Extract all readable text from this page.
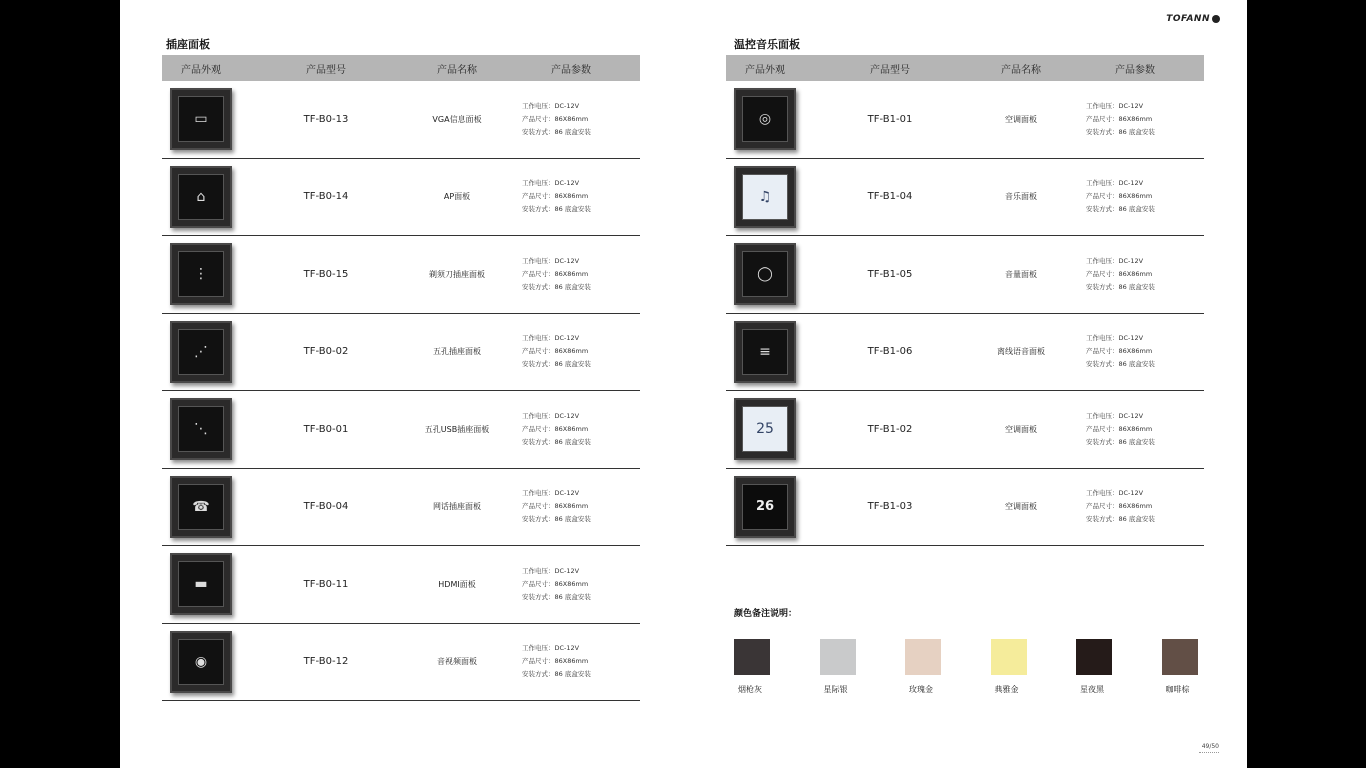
TOFANN
插座面板
产品外观	产品型号	产品名称	产品参数
▭	TF-B0-13	VGA信息面板
工作电压：DC-12V
产品尺寸：86X86mm
安装方式：86 底盒安装
⌂	TF-B0-14	AP面板
工作电压：DC-12V
产品尺寸：86X86mm
安装方式：86 底盒安装
⋮	TF-B0-15	剃须刀插座面板
工作电压：DC-12V
产品尺寸：86X86mm
安装方式：86 底盒安装
⋰	TF-B0-02	五孔插座面板
工作电压：DC-12V
产品尺寸：86X86mm
安装方式：86 底盒安装
⋱	TF-B0-01	五孔USB插座面板
工作电压：DC-12V
产品尺寸：86X86mm
安装方式：86 底盒安装
☎	TF-B0-04	网话插座面板
工作电压：DC-12V
产品尺寸：86X86mm
安装方式：86 底盒安装
▬	TF-B0-11	HDMI面板
工作电压：DC-12V
产品尺寸：86X86mm
安装方式：86 底盒安装
◉	TF-B0-12	音视频面板
工作电压：DC-12V
产品尺寸：86X86mm
安装方式：86 底盒安装
温控音乐面板
产品外观	产品型号	产品名称	产品参数
◎	TF-B1-01	空调面板
工作电压：DC-12V
产品尺寸：86X86mm
安装方式：86 底盒安装
♫	TF-B1-04	音乐面板
工作电压：DC-12V
产品尺寸：86X86mm
安装方式：86 底盒安装
◯	TF-B1-05	音量面板
工作电压：DC-12V
产品尺寸：86X86mm
安装方式：86 底盒安装
≡	TF-B1-06	离线语音面板
工作电压：DC-12V
产品尺寸：86X86mm
安装方式：86 底盒安装
25	TF-B1-02	空调面板
工作电压：DC-12V
产品尺寸：86X86mm
安装方式：86 底盒安装
26	TF-B1-03	空调面板
工作电压：DC-12V
产品尺寸：86X86mm
安装方式：86 底盒安装
颜色备注说明：
烟枪灰	星际银	玫瑰金	典雅金	星夜黑	咖啡棕
49/50
